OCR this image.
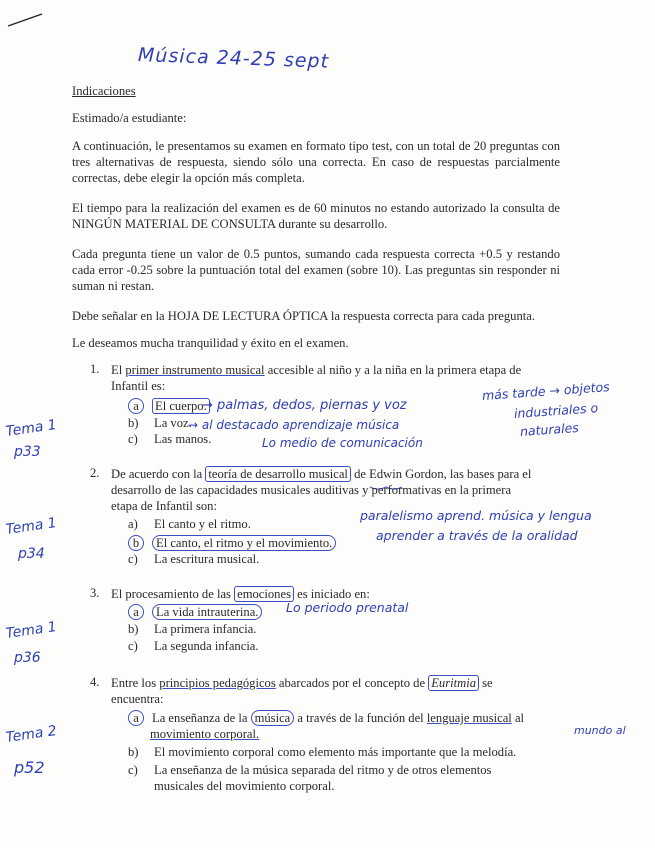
Música 24-25 sept
Indicaciones
Estimado/a estudiante:
A continuación, le presentamos su examen en formato tipo test, con un total de 20 preguntas con tres alternativas de respuesta, siendo sólo una correcta. En caso de respuestas parcialmente correctas, debe elegir la opción más completa.
El tiempo para la realización del examen es de 60 minutos no estando autorizado la consulta de NINGÚN MATERIAL DE CONSULTA durante su desarrollo.
Cada pregunta tiene un valor de 0.5 puntos, sumando cada respuesta correcta +0.5 y restando cada error -0.25 sobre la puntuación total del examen (sobre 10). Las preguntas sin responder ni suman ni restan.
Debe señalar en la HOJA DE LECTURA ÓPTICA la respuesta correcta para cada pregunta.
Le deseamos mucha tranquilidad y éxito en el examen.
1. El primer instrumento musical accesible al niño y a la niña en la primera etapa de
Infantil es:
a El cuerpo.
b) La voz.
c) Las manos.
→ palmas, dedos, piernas y voz
→ al destacado aprendizaje música
Lo medio de comunicación
más tarde → objetos
industriales o
naturales
Tema 1
p33
2. De acuerdo con la teoría de desarrollo musical de Edwin Gordon, las bases para el
desarrollo de las capacidades musicales auditivas y performativas en la primera
etapa de Infantil son:
a) El canto y el ritmo.
b El canto, el ritmo y el movimiento.
c) La escritura musical.
paralelismo aprend. música y lengua
aprender a través de la oralidad
Tema 1
p34
3. El procesamiento de las emociones es iniciado en:
a La vida intrauterina.
b) La primera infancia.
c) La segunda infancia.
Lo periodo prenatal
Tema 1
p36
4. Entre los principios pedagógicos abarcados por el concepto de Euritmia se
encuentra:
a La enseñanza de la música a través de la función del lenguaje musical al
movimiento corporal.
b) El movimiento corporal como elemento más importante que la melodía.
c) La enseñanza de la música separada del ritmo y de otros elementos
musicales del movimiento corporal.
mundo al
Tema 2
p52
